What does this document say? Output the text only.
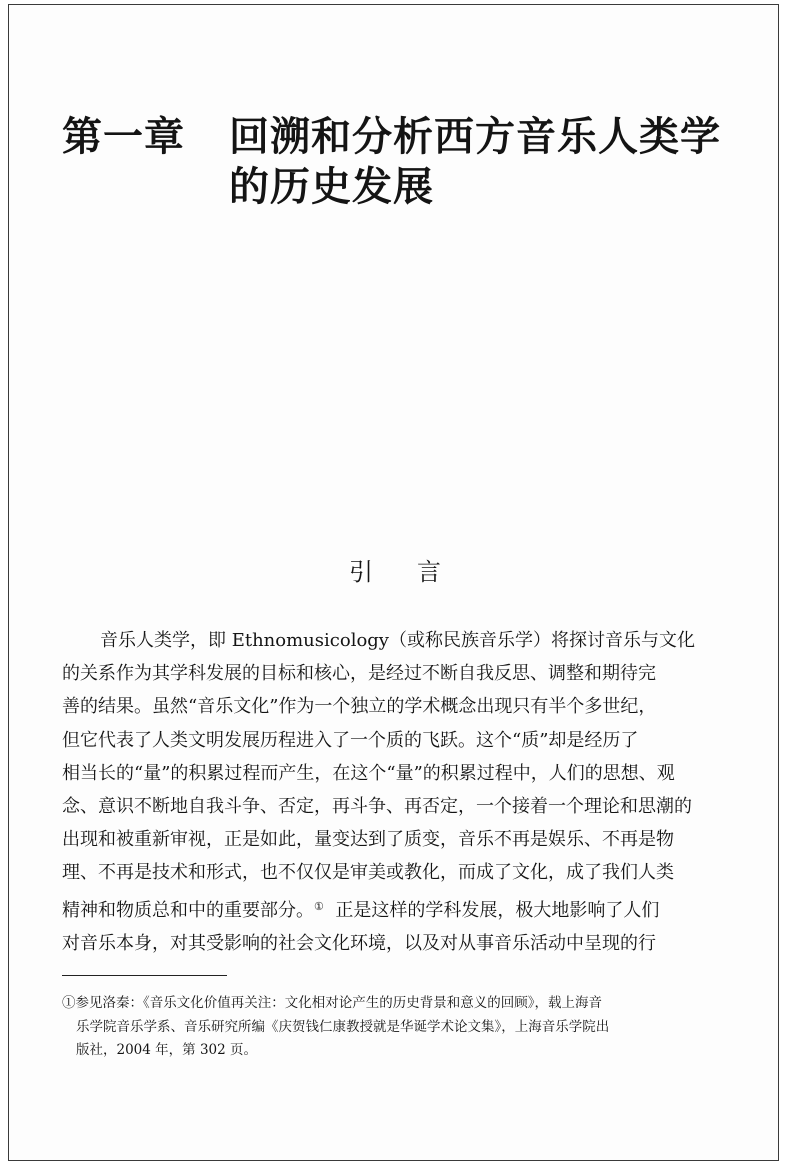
第一章 回溯和分析西方音乐人类学
的历史发展
引言
音乐人类学，即 Ethnomusicology（或称民族音乐学）将探讨音乐与文化
的关系作为其学科发展的目标和核心，是经过不断自我反思、调整和期待完
善的结果。虽然“音乐文化”作为一个独立的学术概念出现只有半个多世纪，
但它代表了人类文明发展历程进入了一个质的飞跃。这个“质”却是经历了
相当长的“量”的积累过程而产生，在这个“量”的积累过程中，人们的思想、观
念、意识不断地自我斗争、否定，再斗争、再否定，一个接着一个理论和思潮的
出现和被重新审视，正是如此，量变达到了质变，音乐不再是娱乐、不再是物
理、不再是技术和形式，也不仅仅是审美或教化，而成了文化，成了我们人类
精神和物质总和中的重要部分。① 正是这样的学科发展，极大地影响了人们
对音乐本身，对其受影响的社会文化环境，以及对从事音乐活动中呈现的行
①参见洛秦：《音乐文化价值再关注：文化相对论产生的历史背景和意义的回顾》，载上海音
乐学院音乐学系、音乐研究所编《庆贺钱仁康教授就是华诞学术论文集》，上海音乐学院出
版社，2004 年，第 302 页。
